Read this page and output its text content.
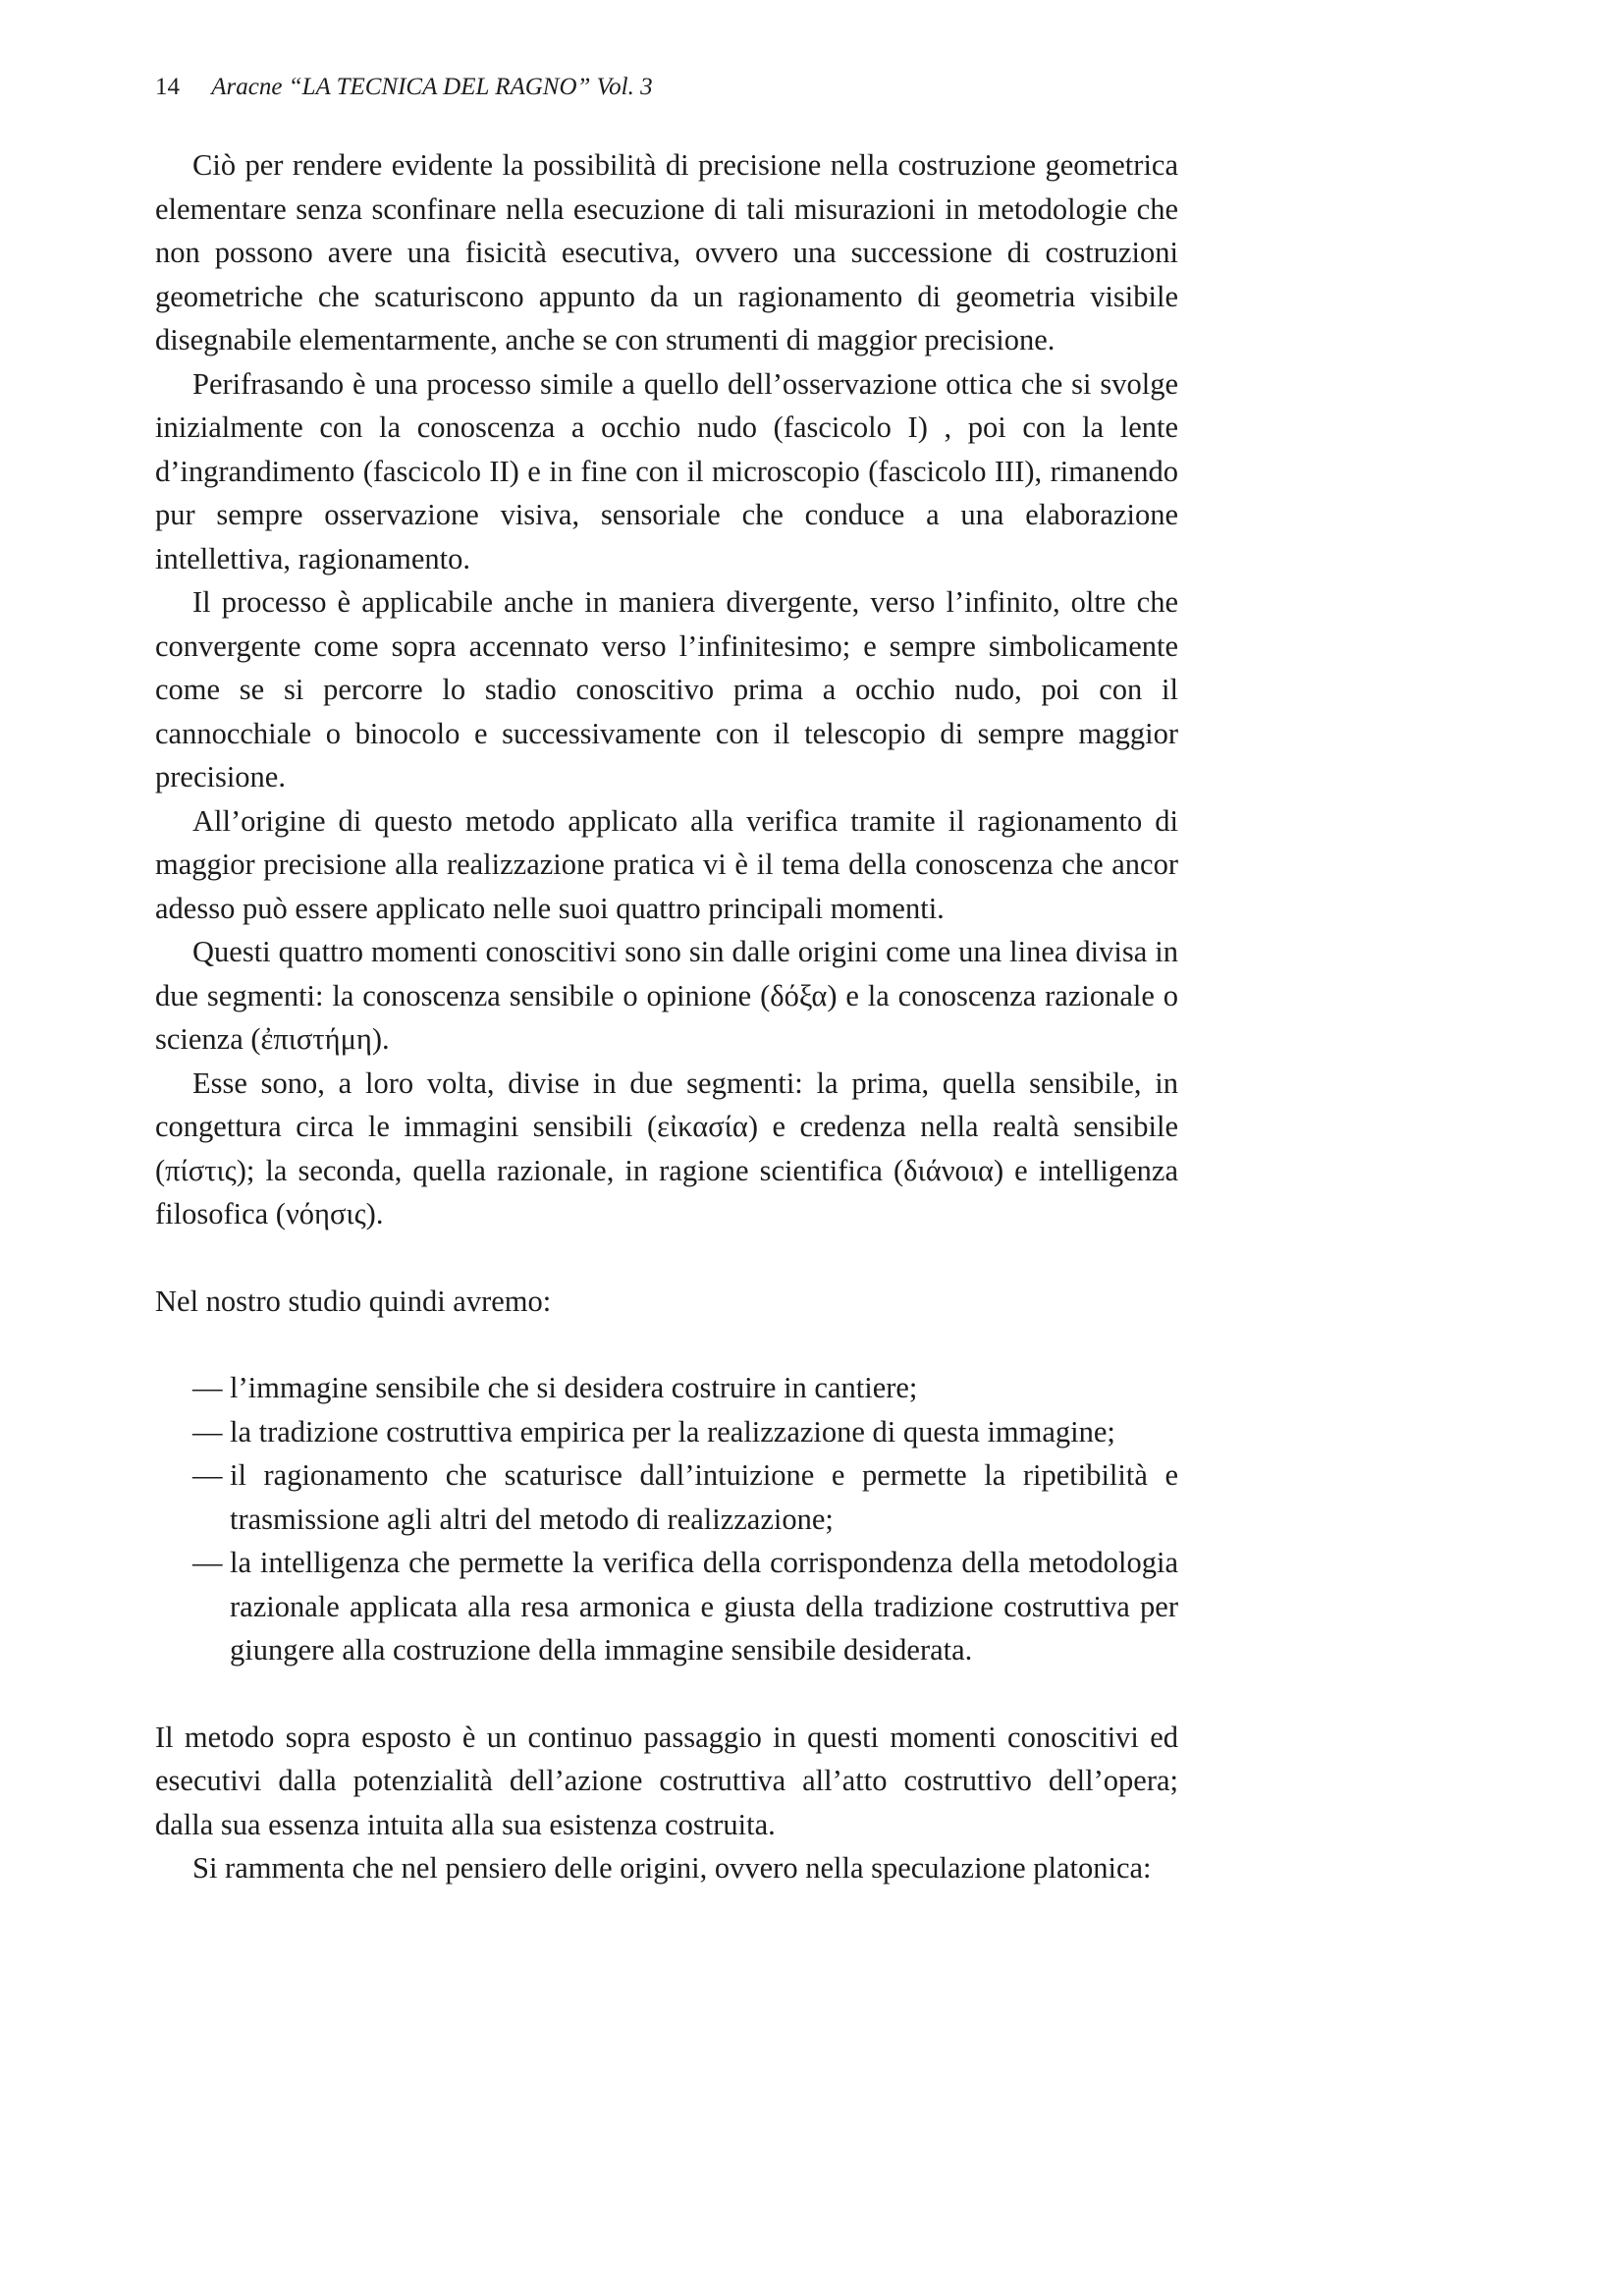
14 Aracne “LA TECNICA DEL RAGNO” Vol. 3

Ciò per rendere evidente la possibilità di precisione nella costruzione geometrica elementare senza sconfinare nella esecuzione di tali misurazioni in metodologie che non possono avere una fisicità esecutiva, ovvero una successione di costruzioni geometriche che scaturiscono appunto da un ragionamento di geometria visibile disegnabile elementarmente, anche se con strumenti di maggior precisione.

Perifrasando è una processo simile a quello dell’osservazione ottica che si svolge inizialmente con la conoscenza a occhio nudo (fascicolo I) , poi con la lente d’ingrandimento (fascicolo II) e in fine con il microscopio (fascicolo III), rimanendo pur sempre osservazione visiva, sensoriale che conduce a una elaborazione intellettiva, ragionamento.

Il processo è applicabile anche in maniera divergente, verso l’infinito, oltre che convergente come sopra accennato verso l’infinitesimo; e sempre simbolicamente come se si percorre lo stadio conoscitivo prima a occhio nudo, poi con il cannocchiale o binocolo e successivamente con il telescopio di sempre maggior precisione.

All’origine di questo metodo applicato alla verifica tramite il ragionamento di maggior precisione alla realizzazione pratica vi è il tema della conoscenza che ancor adesso può essere applicato nelle suoi quattro principali momenti.

Questi quattro momenti conoscitivi sono sin dalle origini come una linea divisa in due segmenti: la conoscenza sensibile o opinione (δόξα) e la conoscenza razionale o scienza (ἐπιστήμη).

Esse sono, a loro volta, divise in due segmenti: la prima, quella sensibile, in congettura circa le immagini sensibili (εἰκασία) e credenza nella realtà sensibile (πίστις); la seconda, quella razionale, in ragione scientifica (διάνοια) e intelligenza filosofica (νόησις).

Nel nostro studio quindi avremo:

— l’immagine sensibile che si desidera costruire in cantiere;
— la tradizione costruttiva empirica per la realizzazione di questa immagine;
— il ragionamento che scaturisce dall’intuizione e permette la ripetibilità e trasmissione agli altri del metodo di realizzazione;
— la intelligenza che permette la verifica della corrispondenza della metodologia razionale applicata alla resa armonica e giusta della tradizione costruttiva per giungere alla costruzione della immagine sensibile desiderata.

Il metodo sopra esposto è un continuo passaggio in questi momenti conoscitivi ed esecutivi dalla potenzialità dell’azione costruttiva all’atto costruttivo dell’opera; dalla sua essenza intuita alla sua esistenza costruita.

Si rammenta che nel pensiero delle origini, ovvero nella speculazione platonica:
